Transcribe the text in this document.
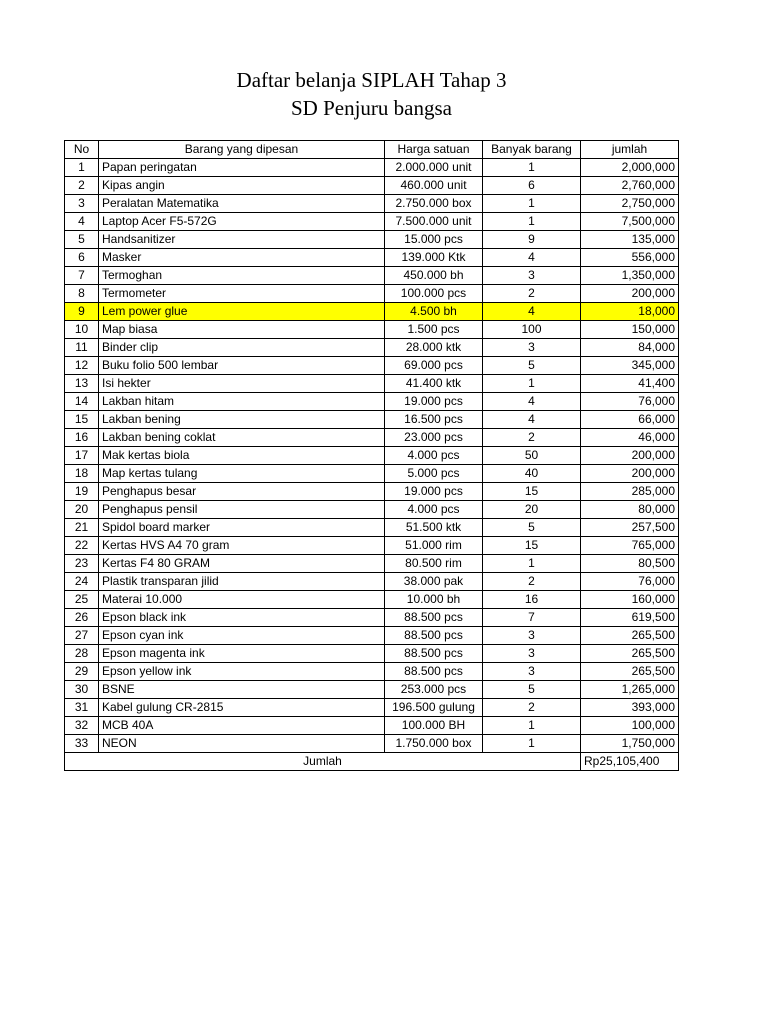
Daftar belanja SIPLAH Tahap 3
SD Penjuru bangsa
No	Barang yang dipesan	Harga satuan	Banyak barang	jumlah
1	Papan peringatan	2.000.000 unit	1	2,000,000
2	Kipas angin	460.000 unit	6	2,760,000
3	Peralatan Matematika	2.750.000 box	1	2,750,000
4	Laptop Acer F5-572G	7.500.000 unit	1	7,500,000
5	Handsanitizer	15.000 pcs	9	135,000
6	Masker	139.000 Ktk	4	556,000
7	Termoghan	450.000 bh	3	1,350,000
8	Termometer	100.000 pcs	2	200,000
9	Lem power glue	4.500 bh	4	18,000
10	Map biasa	1.500 pcs	100	150,000
11	Binder clip	28.000 ktk	3	84,000
12	Buku folio 500 lembar	69.000 pcs	5	345,000
13	Isi hekter	41.400 ktk	1	41,400
14	Lakban hitam	19.000 pcs	4	76,000
15	Lakban bening	16.500 pcs	4	66,000
16	Lakban bening coklat	23.000 pcs	2	46,000
17	Mak kertas biola	4.000 pcs	50	200,000
18	Map kertas tulang	5.000 pcs	40	200,000
19	Penghapus besar	19.000 pcs	15	285,000
20	Penghapus pensil	4.000 pcs	20	80,000
21	Spidol board marker	51.500 ktk	5	257,500
22	Kertas HVS A4 70 gram	51.000 rim	15	765,000
23	Kertas F4 80 GRAM	80.500 rim	1	80,500
24	Plastik transparan jilid	38.000 pak	2	76,000
25	Materai 10.000	10.000 bh	16	160,000
26	Epson black ink	88.500 pcs	7	619,500
27	Epson cyan ink	88.500 pcs	3	265,500
28	Epson magenta ink	88.500 pcs	3	265,500
29	Epson yellow ink	88.500 pcs	3	265,500
30	BSNE	253.000 pcs	5	1,265,000
31	Kabel gulung CR-2815	196.500 gulung	2	393,000
32	MCB 40A	100.000 BH	1	100,000
33	NEON	1.750.000 box	1	1,750,000
Jumlah				Rp25,105,400
